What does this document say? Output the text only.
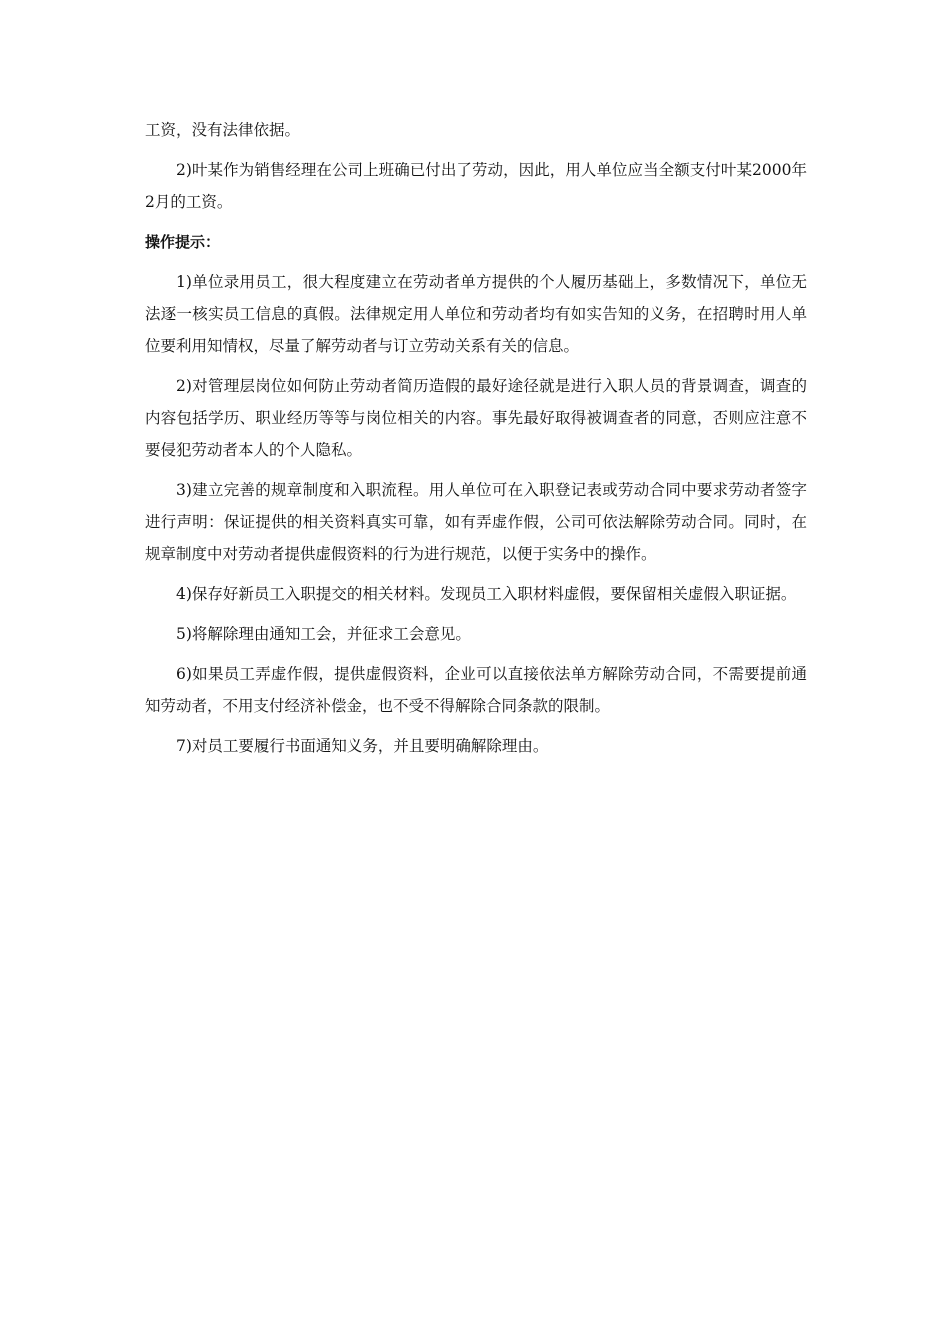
工资，没有法律依据。

2)叶某作为销售经理在公司上班确已付出了劳动，因此，用人单位应当全额支付叶某2000年2月的工资。

操作提示：

1)单位录用员工，很大程度建立在劳动者单方提供的个人履历基础上，多数情况下，单位无法逐一核实员工信息的真假。法律规定用人单位和劳动者均有如实告知的义务，在招聘时用人单位要利用知情权，尽量了解劳动者与订立劳动关系有关的信息。

2)对管理层岗位如何防止劳动者简历造假的最好途径就是进行入职人员的背景调查，调查的内容包括学历、职业经历等等与岗位相关的内容。事先最好取得被调查者的同意，否则应注意不要侵犯劳动者本人的个人隐私。

3)建立完善的规章制度和入职流程。用人单位可在入职登记表或劳动合同中要求劳动者签字进行声明：保证提供的相关资料真实可靠，如有弄虚作假，公司可依法解除劳动合同。同时，在规章制度中对劳动者提供虚假资料的行为进行规范，以便于实务中的操作。

4)保存好新员工入职提交的相关材料。发现员工入职材料虚假，要保留相关虚假入职证据。

5)将解除理由通知工会，并征求工会意见。

6)如果员工弄虚作假，提供虚假资料，企业可以直接依法单方解除劳动合同，不需要提前通知劳动者，不用支付经济补偿金，也不受不得解除合同条款的限制。

7)对员工要履行书面通知义务，并且要明确解除理由。
